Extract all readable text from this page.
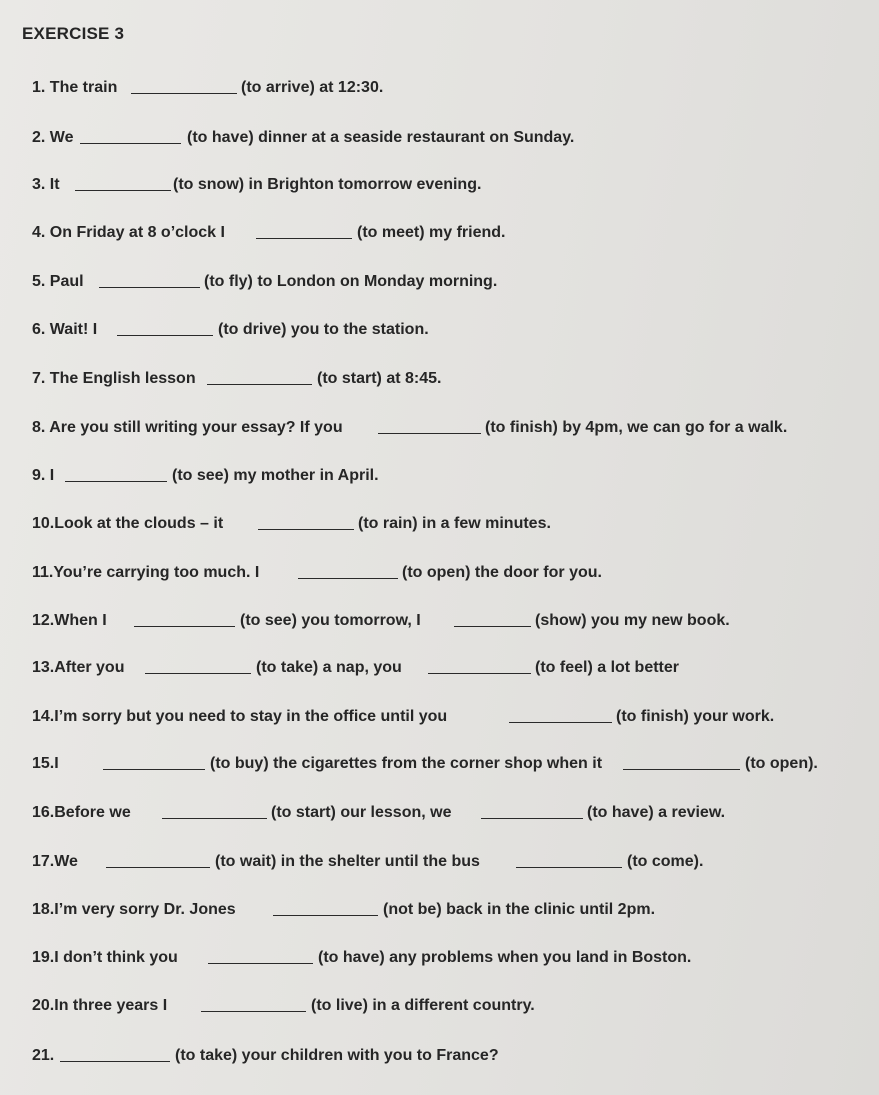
EXERCISE 3
1. The train	(to arrive) at 12:30.
2. We	(to have) dinner at a seaside restaurant on Sunday.
3. It	(to snow) in Brighton tomorrow evening.
4. On Friday at 8 o’clock I	(to meet) my friend.
5. Paul	(to fly) to London on Monday morning.
6. Wait! I	(to drive) you to the station.
7. The English lesson	(to start) at 8:45.
8. Are you still writing your essay? If you	(to finish) by 4pm, we can go for a walk.
9. I	(to see) my mother in April.
10.Look at the clouds – it	(to rain) in a few minutes.
11.You’re carrying too much. I	(to open) the door for you.
12.When I	(to see) you tomorrow, I	(show) you my new book.
13.After you	(to take) a nap, you	(to feel) a lot better
14.I’m sorry but you need to stay in the office until you	(to finish) your work.
15.I	(to buy) the cigarettes from the corner shop when it	(to open).
16.Before we	(to start) our lesson, we	(to have) a review.
17.We	(to wait) in the shelter until the bus	(to come).
18.I’m very sorry Dr. Jones	(not be) back in the clinic until 2pm.
19.I don’t think you	(to have) any problems when you land in Boston.
20.In three years I	(to live) in a different country.
21.	(to take) your children with you to France?
